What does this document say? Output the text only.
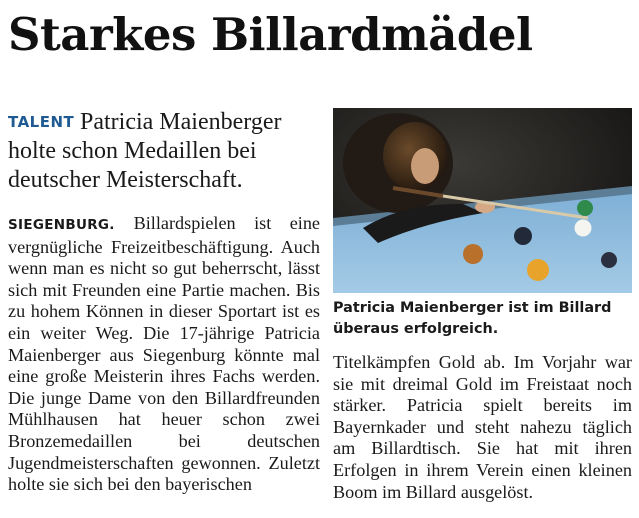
Starkes Billardmädel
TALENT Patricia Maienberger holte schon Medaillen bei deutscher Meisterschaft.
SIEGENBURG. Billardspielen ist eine vergnügliche Freizeitbeschäftigung. Auch wenn man es nicht so gut beherrscht, lässt sich mit Freunden eine Partie machen. Bis zu hohem Können in dieser Sportart ist es ein weiter Weg. Die 17-jährige Patricia Maienberger aus Siegenburg könnte mal eine große Meisterin ihres Fachs werden. Die junge Dame von den Billardfreunden Mühlhausen hat heuer schon zwei Bronzemedaillen bei deutschen Jugendmeisterschaften gewonnen. Zuletzt holte sie sich bei den bayerischen
Patricia Maienberger ist im Billard überaus erfolgreich.
Titelkämpfen Gold ab. Im Vorjahr war sie mit dreimal Gold im Freistaat noch stärker. Patricia spielt bereits im Bayernkader und steht nahezu täglich am Billardtisch. Sie hat mit ihren Erfolgen in ihrem Verein einen kleinen Boom im Billard ausgelöst.
